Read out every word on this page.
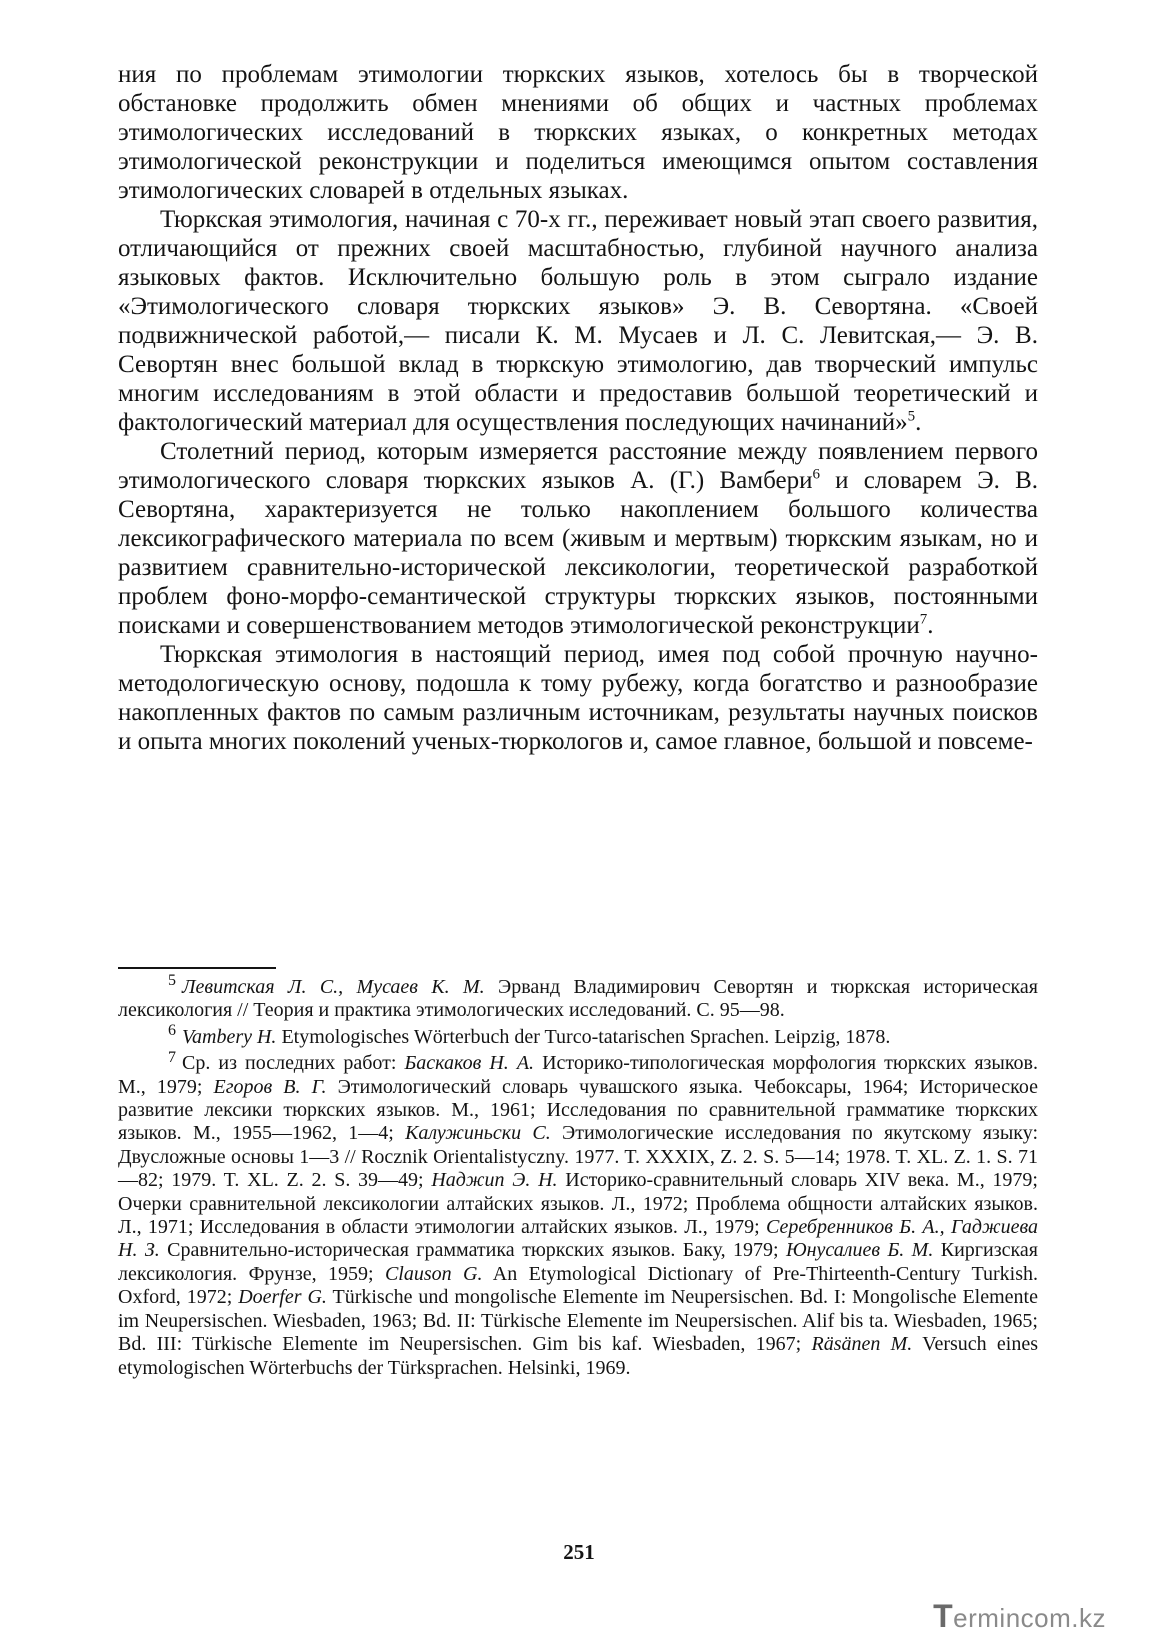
ния по проблемам этимологии тюркских языков, хотелось бы в творческой обстановке продолжить обмен мнениями об общих и частных проблемах этимологических исследований в тюркских языках, о конкретных методах этимологической реконструкции и поделиться имеющимся опытом составления этимологических словарей в отдельных языках.

Тюркская этимология, начиная с 70-х гг., переживает новый этап своего развития, отличающийся от прежних своей масштабностью, глубиной научного анализа языковых фактов. Исключительно большую роль в этом сыграло издание «Этимологического словаря тюркских языков» Э. В. Севортяна. «Своей подвижнической работой,— писали К. М. Мусаев и Л. С. Левитская,— Э. В. Севортян внес большой вклад в тюркскую этимологию, дав творческий импульс многим исследованиям в этой области и предоставив большой теоретический и фактологический материал для осуществления последующих начинаний»$^5$.

Столетний период, которым измеряется расстояние между появлением первого этимологического словаря тюркских языков А. (Г.) Вамбери$^6$ и словарем Э. В. Севортяна, характеризуется не только накоплением большого количества лексикографического материала по всем (живым и мертвым) тюркским языкам, но и развитием сравнительно-исторической лексикологии, теоретической разработкой проблем фоно-морфо-семантической структуры тюркских языков, постоянными поисками и совершенствованием методов этимологической реконструкции$^7$.

Тюркская этимология в настоящий период, имея под собой прочную научно-методологическую основу, подошла к тому рубежу, когда богатство и разнообразие накопленных фактов по самым различным источникам, результаты научных поисков и опыта многих поколений ученых-тюркологов и, самое главное, большой и повсеме-

$^5$ Левитская Л. С., Мусаев К. М. Эрванд Владимирович Севортян и тюркская историческая лексикология // Теория и практика этимологических исследований. С. 95—98.

$^6$ Vambery H. Etymologisches Wörterbuch der Turco-tatarischen Sprachen. Leipzig, 1878.

$^7$ Ср. из последних работ: Баскаков Н. А. Историко-типологическая морфология тюркских языков. М., 1979; Егоров В. Г. Этимологический словарь чувашского языка. Чебоксары, 1964; Историческое развитие лексики тюркских языков. М., 1961; Исследования по сравнительной грамматике тюркских языков. М., 1955—1962, 1—4; Калужиньски С. Этимологические исследования по якутскому языку: Двусложные основы 1—3 // Rocznik Orientalistyczny. 1977. T. XXXIX, Z. 2. S. 5—14; 1978. T. XL. Z. 1. S. 71—82; 1979. T. XL. Z. 2. S. 39—49; Наджип Э. Н. Историко-сравнительный словарь XIV века. М., 1979; Очерки сравнительной лексикологии алтайских языков. Л., 1972; Проблема общности алтайских языков. Л., 1971; Исследования в области этимологии алтайских языков. Л., 1979; Серебренников Б. А., Гаджиева Н. З. Сравнительно-историческая грамматика тюркских языков. Баку, 1979; Юнусалиев Б. М. Киргизская лексикология. Фрунзе, 1959; Clauson G. An Etymological Dictionary of Pre-Thirteenth-Century Turkish. Oxford, 1972; Doerfer G. Türkische und mongolische Elemente im Neupersischen. Bd. I: Mongolische Elemente im Neupersischen. Wiesbaden, 1963; Bd. II: Türkische Elemente im Neupersischen. Alif bis ta. Wiesbaden, 1965; Bd. III: Türkische Elemente im Neupersischen. Gim bis kaf. Wiesbaden, 1967; Räsänen M. Versuch eines etymologischen Wörterbuchs der Türksprachen. Helsinki, 1969.

251
Termincom.kz
